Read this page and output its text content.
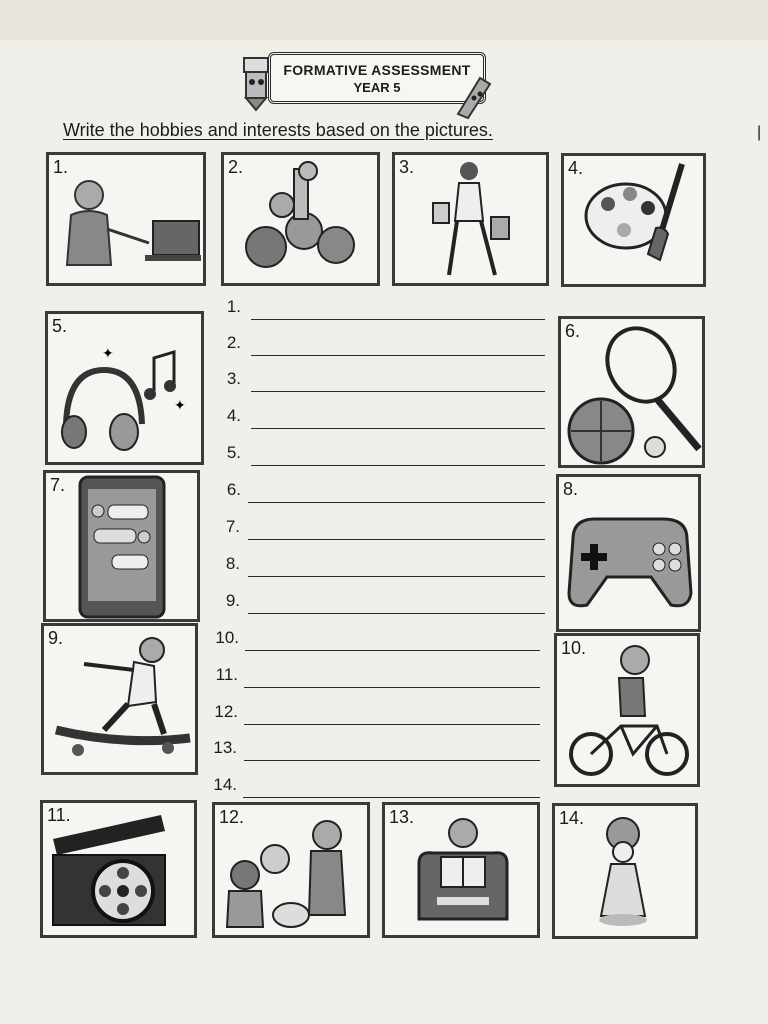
FORMATIVE ASSESSMENT
YEAR 5
Write the hobbies and interests based on the pictures.	|
1.	2.	3.	4.
5.
✦
✦
7.
9.
6.
8.
10.
11.	12.	13.	14.
1.
2.
3.
4.
5.
6.
7.
8.
9.
10.
11.
12.
13.
14.
